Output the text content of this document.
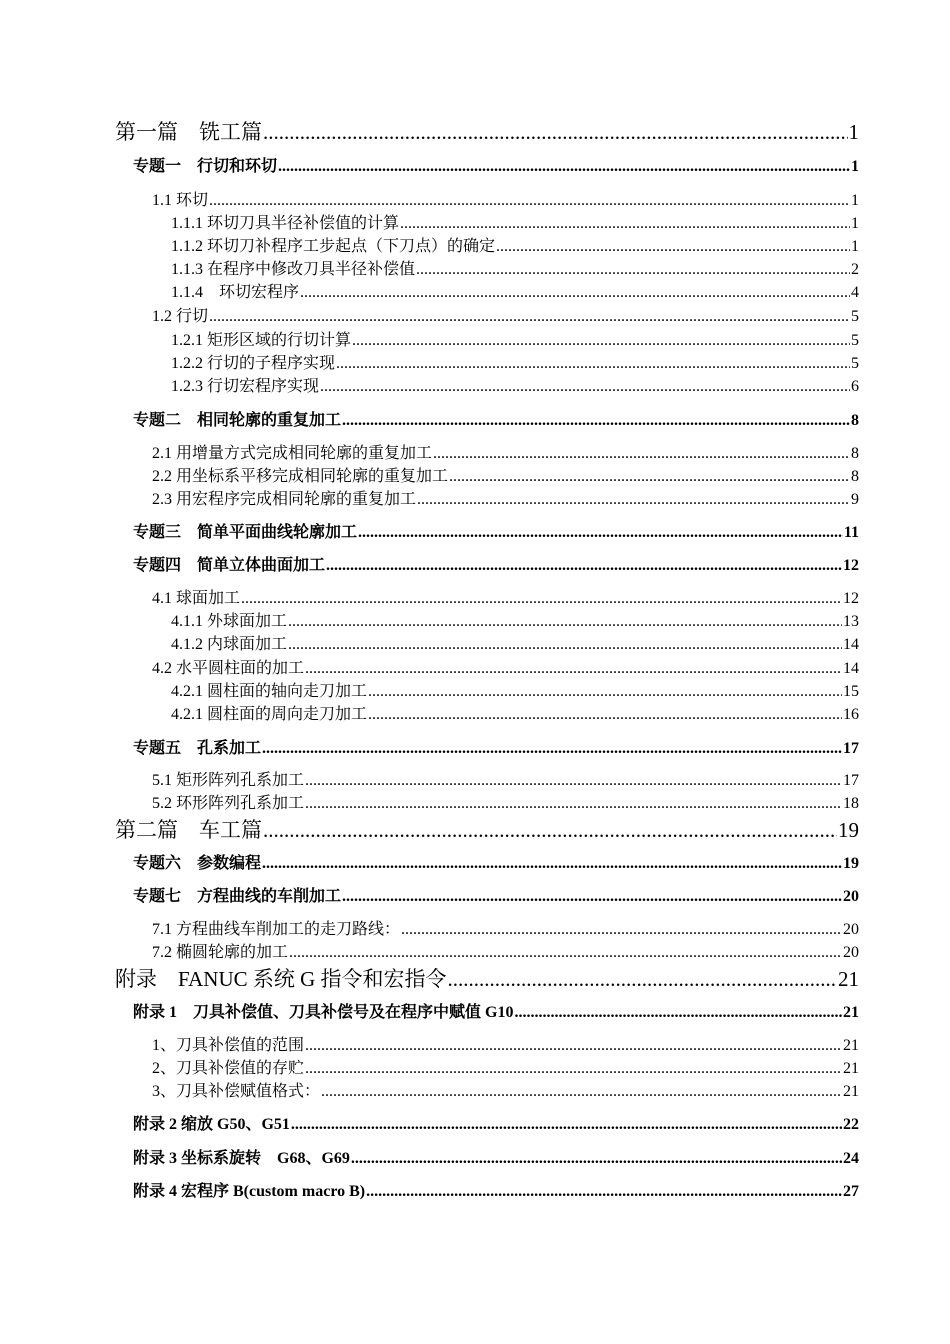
第一篇　铣工篇 .....	1
专题一　行切和环切 .....	1
1.1 环切 .....	1
1.1.1 环切刀具半径补偿值的计算 .....	1
1.1.2 环切刀补程序工步起点（下刀点）的确定 .....	1
1.1.3 在程序中修改刀具半径补偿值 .....	2
1.1.4　环切宏程序 .....	4
1.2 行切 .....	5
1.2.1 矩形区域的行切计算 .....	5
1.2.2 行切的子程序实现 .....	5
1.2.3 行切宏程序实现 .....	6
专题二　相同轮廓的重复加工 .....	8
2.1 用增量方式完成相同轮廓的重复加工 .....	8
2.2 用坐标系平移完成相同轮廓的重复加工 .....	8
2.3 用宏程序完成相同轮廓的重复加工 .....	9
专题三　简单平面曲线轮廓加工 .....	11
专题四　简单立体曲面加工 .....	12
4.1 球面加工 .....	12
4.1.1 外球面加工 .....	13
4.1.2 内球面加工 .....	14
4.2 水平圆柱面的加工 .....	14
4.2.1 圆柱面的轴向走刀加工 .....	15
4.2.1 圆柱面的周向走刀加工 .....	16
专题五　孔系加工 .....	17
5.1 矩形阵列孔系加工 .....	17
5.2 环形阵列孔系加工 .....	18
第二篇　车工篇 .....	19
专题六　参数编程 .....	19
专题七　方程曲线的车削加工 .....	20
7.1 方程曲线车削加工的走刀路线： .....	20
7.2 椭圆轮廓的加工 .....	20
附录　FANUC 系统 G 指令和宏指令 .....	21
附录 1　刀具补偿值、刀具补偿号及在程序中赋值 G10 .....	21
1、刀具补偿值的范围 .....	21
2、刀具补偿值的存贮 .....	21
3、刀具补偿赋值格式： .....	21
附录 2 缩放 G50、G51 .....	22
附录 3 坐标系旋转　G68、G69 .....	24
附录 4 宏程序 B(custom macro B) .....	27
